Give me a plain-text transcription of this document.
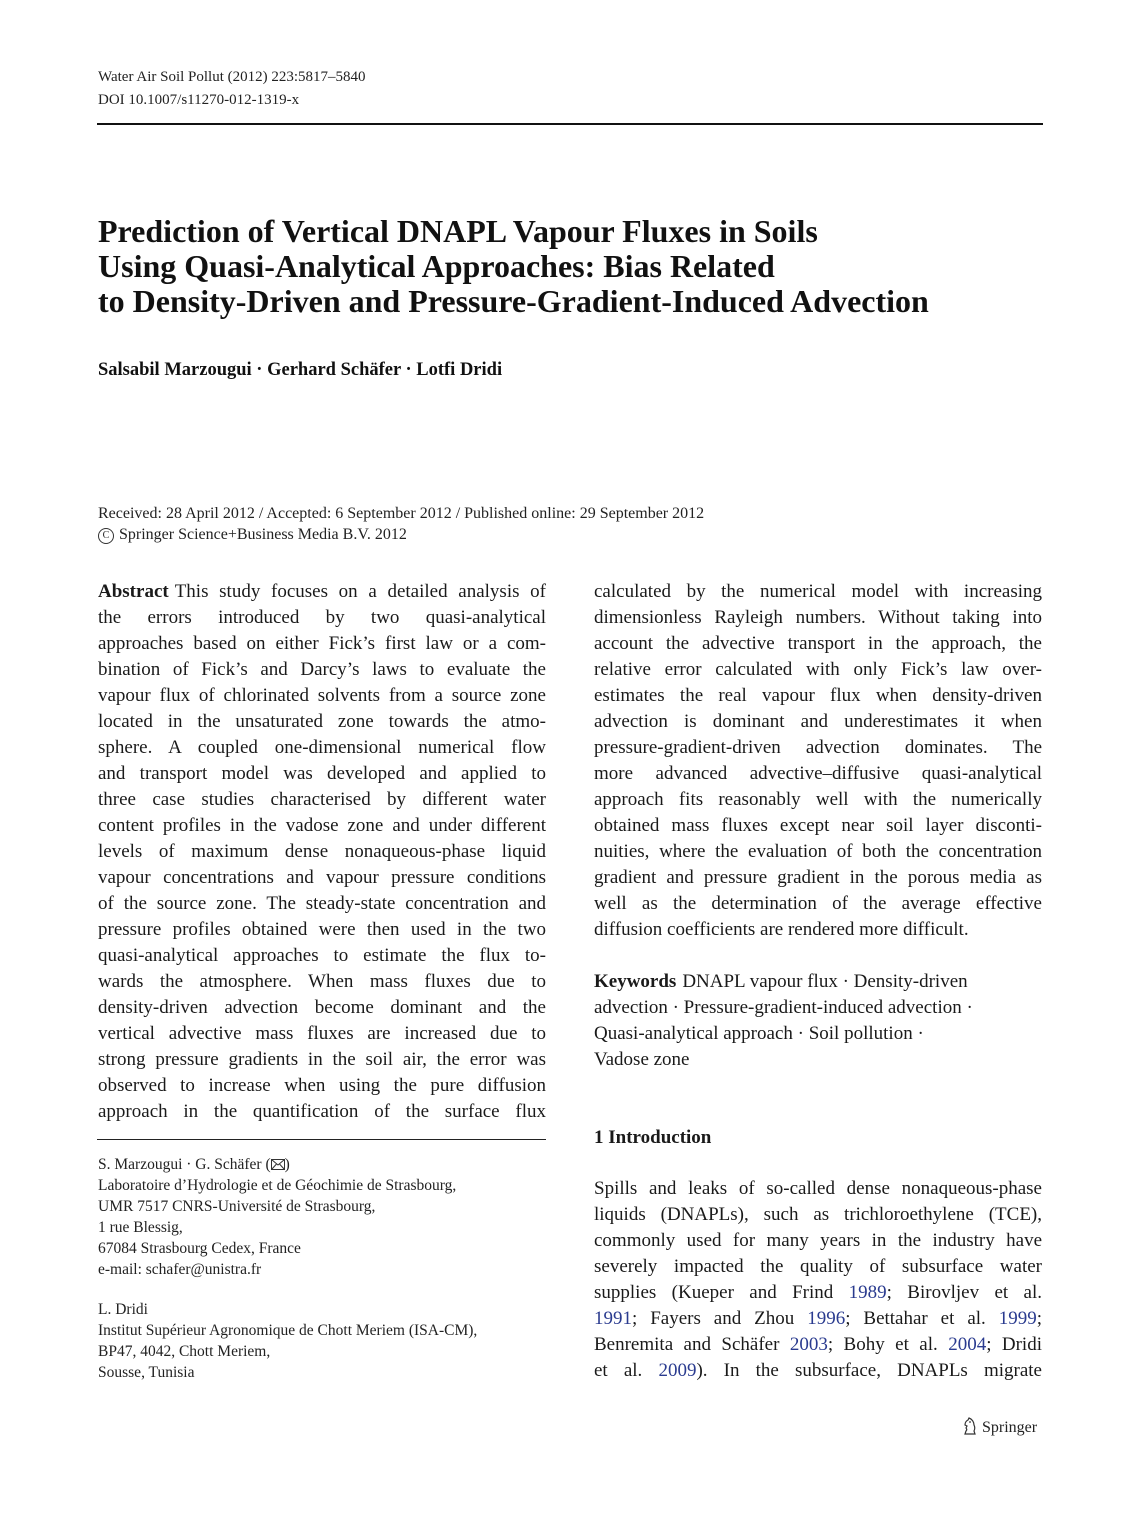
Water Air Soil Pollut (2012) 223:5817–5840
DOI 10.1007/s11270-012-1319-x
Prediction of Vertical DNAPL Vapour Fluxes in Soils
Using Quasi-Analytical Approaches: Bias Related
to Density-Driven and Pressure-Gradient-Induced Advection
Salsabil Marzougui · Gerhard Schäfer · Lotfi Dridi
Received: 28 April 2012 / Accepted: 6 September 2012 / Published online: 29 September 2012
C Springer Science+Business Media B.V. 2012
Abstract This study focuses on a detailed analysis of
the errors introduced by two quasi-analytical
approaches based on either Fick’s first law or a com-
bination of Fick’s and Darcy’s laws to evaluate the
vapour flux of chlorinated solvents from a source zone
located in the unsaturated zone towards the atmo-
sphere. A coupled one-dimensional numerical flow
and transport model was developed and applied to
three case studies characterised by different water
content profiles in the vadose zone and under different
levels of maximum dense nonaqueous-phase liquid
vapour concentrations and vapour pressure conditions
of the source zone. The steady-state concentration and
pressure profiles obtained were then used in the two
quasi-analytical approaches to estimate the flux to-
wards the atmosphere. When mass fluxes due to
density-driven advection become dominant and the
vertical advective mass fluxes are increased due to
strong pressure gradients in the soil air, the error was
observed to increase when using the pure diffusion
approach in the quantification of the surface flux
calculated by the numerical model with increasing
dimensionless Rayleigh numbers. Without taking into
account the advective transport in the approach, the
relative error calculated with only Fick’s law over-
estimates the real vapour flux when density-driven
advection is dominant and underestimates it when
pressure-gradient-driven advection dominates. The
more advanced advective–diffusive quasi-analytical
approach fits reasonably well with the numerically
obtained mass fluxes except near soil layer disconti-
nuities, where the evaluation of both the concentration
gradient and pressure gradient in the porous media as
well as the determination of the average effective
diffusion coefficients are rendered more difficult.
Keywords DNAPL vapour flux · Density-driven
advection · Pressure-gradient-induced advection ·
Quasi-analytical approach · Soil pollution ·
Vadose zone
1 Introduction
Spills and leaks of so-called dense nonaqueous-phase
liquids (DNAPLs), such as trichloroethylene (TCE),
commonly used for many years in the industry have
severely impacted the quality of subsurface water
supplies (Kueper and Frind 1989; Birovljev et al.
1991; Fayers and Zhou 1996; Bettahar et al. 1999;
Benremita and Schäfer 2003; Bohy et al. 2004; Dridi
et al. 2009). In the subsurface, DNAPLs migrate
S. Marzougui · G. Schäfer ( )
Laboratoire d’Hydrologie et de Géochimie de Strasbourg,
UMR 7517 CNRS-Université de Strasbourg,
1 rue Blessig,
67084 Strasbourg Cedex, France
e-mail: schafer@unistra.fr
L. Dridi
Institut Supérieur Agronomique de Chott Meriem (ISA-CM),
BP47, 4042, Chott Meriem,
Sousse, Tunisia
Springer
